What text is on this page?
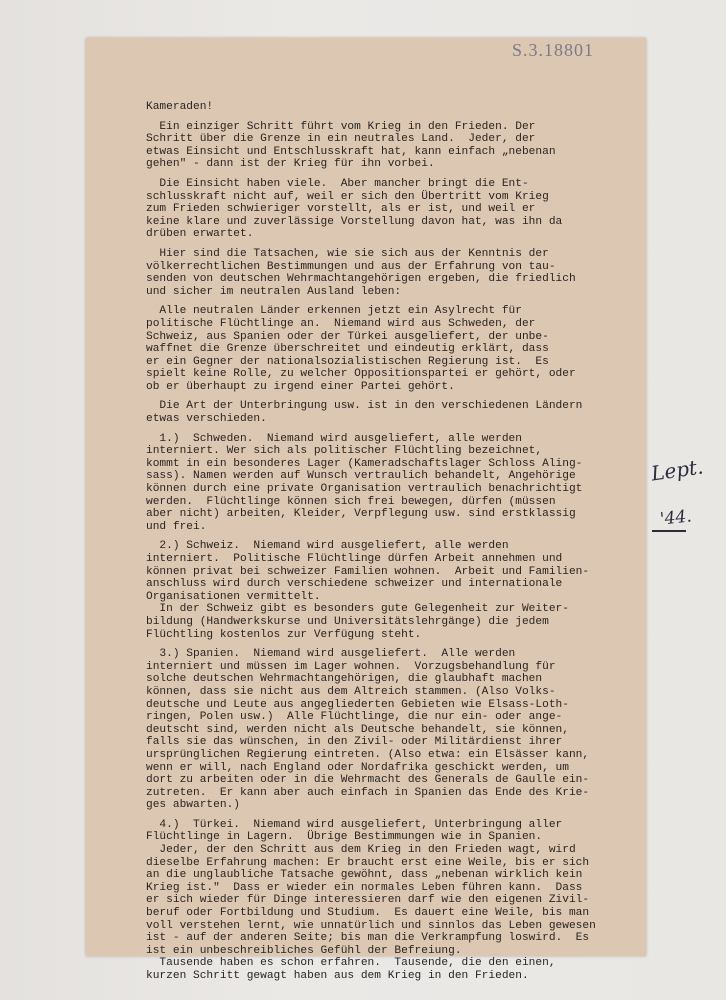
S.3.18801
Kameraden!
Ein einziger Schritt führt vom Krieg in den Frieden. Der
Schritt über die Grenze in ein neutrales Land.  Jeder, der
etwas Einsicht und Entschlusskraft hat, kann einfach „nebenan
gehen" - dann ist der Krieg für ihn vorbei.
Die Einsicht haben viele.  Aber mancher bringt die Ent-
schlusskraft nicht auf, weil er sich den Übertritt vom Krieg
zum Frieden schwieriger vorstellt, als er ist, und weil er
keine klare und zuverlässige Vorstellung davon hat, was ihn da
drüben erwartet.
Hier sind die Tatsachen, wie sie sich aus der Kenntnis der
völkerrechtlichen Bestimmungen und aus der Erfahrung von tau-
senden von deutschen Wehrmachtangehörigen ergeben, die friedlich
und sicher im neutralen Ausland leben:
Alle neutralen Länder erkennen jetzt ein Asylrecht für
politische Flüchtlinge an.  Niemand wird aus Schweden, der
Schweiz, aus Spanien oder der Türkei ausgeliefert, der unbe-
waffnet die Grenze überschreitet und eindeutig erklärt, dass
er ein Gegner der nationalsozialistischen Regierung ist.  Es
spielt keine Rolle, zu welcher Oppositionspartei er gehört, oder
ob er überhaupt zu irgend einer Partei gehört.
Die Art der Unterbringung usw. ist in den verschiedenen Ländern
etwas verschieden.
1.)  Schweden.  Niemand wird ausgeliefert, alle werden
interniert. Wer sich als politischer Flüchtling bezeichnet,
kommt in ein besonderes Lager (Kameradschaftslager Schloss Aling-
sass). Namen werden auf Wunsch vertraulich behandelt, Angehörige
können durch eine private Organisation vertraulich benachrichtigt
werden.  Flüchtlinge können sich frei bewegen, dürfen (müssen
aber nicht) arbeiten, Kleider, Verpflegung usw. sind erstklassig
und frei.
2.) Schweiz.  Niemand wird ausgeliefert, alle werden
interniert.  Politische Flüchtlinge dürfen Arbeit annehmen und
können privat bei schweizer Familien wohnen.  Arbeit und Familien-
anschluss wird durch verschiedene schweizer und internationale
Organisationen vermittelt.
In der Schweiz gibt es besonders gute Gelegenheit zur Weiter-
bildung (Handwerkskurse und Universitätslehrgänge) die jedem
Flüchtling kostenlos zur Verfügung steht.
3.) Spanien.  Niemand wird ausgeliefert.  Alle werden
interniert und müssen im Lager wohnen.  Vorzugsbehandlung für
solche deutschen Wehrmachtangehörigen, die glaubhaft machen
können, dass sie nicht aus dem Altreich stammen. (Also Volks-
deutsche und Leute aus angegliederten Gebieten wie Elsass-Loth-
ringen, Polen usw.)  Alle Flüchtlinge, die nur ein- oder ange-
deutscht sind, werden nicht als Deutsche behandelt, sie können,
falls sie das wünschen, in den Zivil- oder Militärdienst ihrer
ursprünglichen Regierung eintreten. (Also etwa: ein Elsässer kann,
wenn er will, nach England oder Nordafrika geschickt werden, um
dort zu arbeiten oder in die Wehrmacht des Generals de Gaulle ein-
zutreten.  Er kann aber auch einfach in Spanien das Ende des Krie-
ges abwarten.)
4.)  Türkei.  Niemand wird ausgeliefert, Unterbringung aller
Flüchtlinge in Lagern.  Übrige Bestimmungen wie in Spanien.
Jeder, der den Schritt aus dem Krieg in den Frieden wagt, wird
dieselbe Erfahrung machen: Er braucht erst eine Weile, bis er sich
an die unglaubliche Tatsache gewöhnt, dass „nebenan wirklich kein
Krieg ist."  Dass er wieder ein normales Leben führen kann.  Dass
er sich wieder für Dinge interessieren darf wie den eigenen Zivil-
beruf oder Fortbildung und Studium.  Es dauert eine Weile, bis man
voll verstehen lernt, wie unnatürlich und sinnlos das Leben gewesen
ist - auf der anderen Seite; bis man die Verkrampfung loswird.  Es
ist ein unbeschreibliches Gefühl der Befreiung.
Tausende haben es schon erfahren.  Tausende, die den einen,
kurzen Schritt gewagt haben aus dem Krieg in den Frieden.
Lept.
'44.
